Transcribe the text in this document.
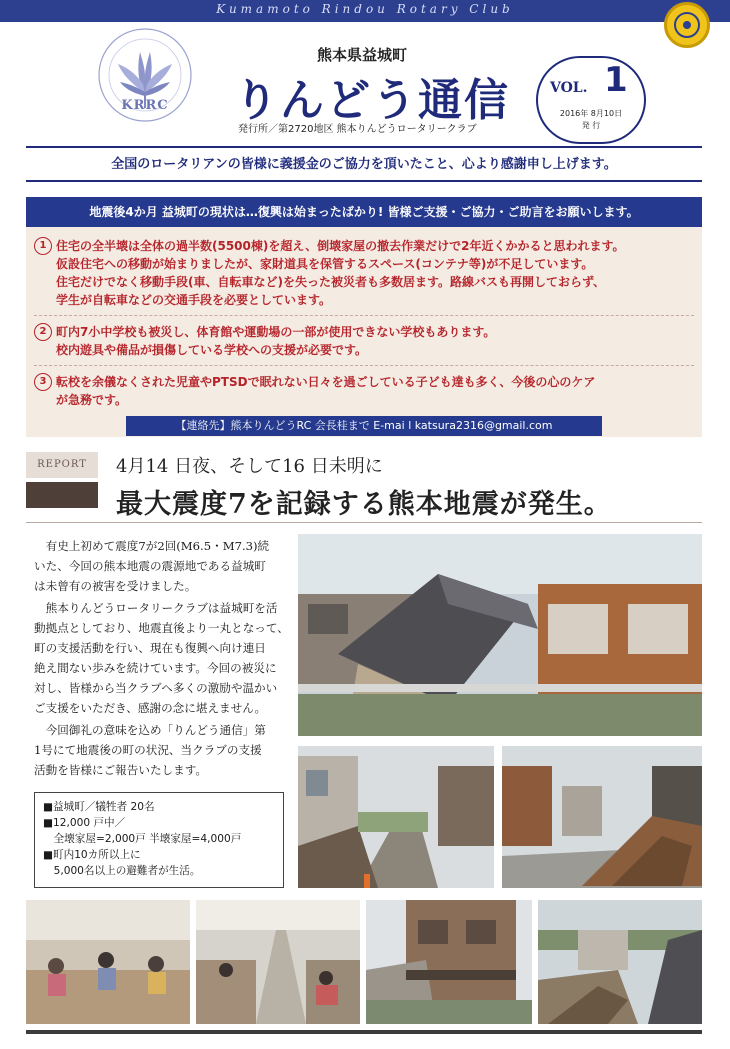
Kumamoto Rindou Rotary Club
KRRC
熊本県益城町
りんどう通信
発行所／第2720地区 熊本りんどうロータリークラブ
VOL. 1
2016年 8月10日
発 行
全国のロータリアンの皆様に義援金のご協力を頂いたこと、心より感謝申し上げます。
地震後4か月 益城町の現状は…復興は始まったばかり! 皆様ご支援・ご協力・ご助言をお願いします。
1 住宅の全半壊は全体の過半数(5500棟)を超え、倒壊家屋の撤去作業だけで2年近くかかると思われます。
仮設住宅への移動が始まりましたが、家財道具を保管するスペース(コンテナ等)が不足しています。
住宅だけでなく移動手段(車、自転車など)を失った被災者も多数居ます。路線バスも再開しておらず、
学生が自転車などの交通手段を必要としています。
2 町内7小中学校も被災し、体育館や運動場の一部が使用できない学校もあります。
校内遊具や備品が損傷している学校への支援が必要です。
3 転校を余儀なくされた児童やPTSDで眠れない日々を過ごしている子ども達も多く、今後の心のケア
が急務です。
【連絡先】熊本りんどうRC 会長桂まで E-mai l katsura2316@gmail.com
REPORT	4月14 日夜、そして16 日未明に
最大震度7を記録する熊本地震が発生。
　有史上初めて震度7が2回(M6.5・M7.3)続
いた、今回の熊本地震の震源地である益城町
は未曾有の被害を受けました。
　熊本りんどうロータリークラブは益城町を活
動拠点としており、地震直後より一丸となって、
町の支援活動を行い、現在も復興へ向け連日
絶え間ない歩みを続けています。今回の被災に
対し、皆様から当クラブへ多くの激励や温かい
ご支援をいただき、感謝の念に堪えません。
　今回御礼の意味を込め「りんどう通信」第
1号にて地震後の町の状況、当クラブの支援
活動を皆様にご報告いたします。
■益城町／犠牲者 20名
■12,000 戸中／
　全壊家屋=2,000戸 半壊家屋=4,000戸
■町内10カ所以上に
　5,000名以上の避難者が生活。
